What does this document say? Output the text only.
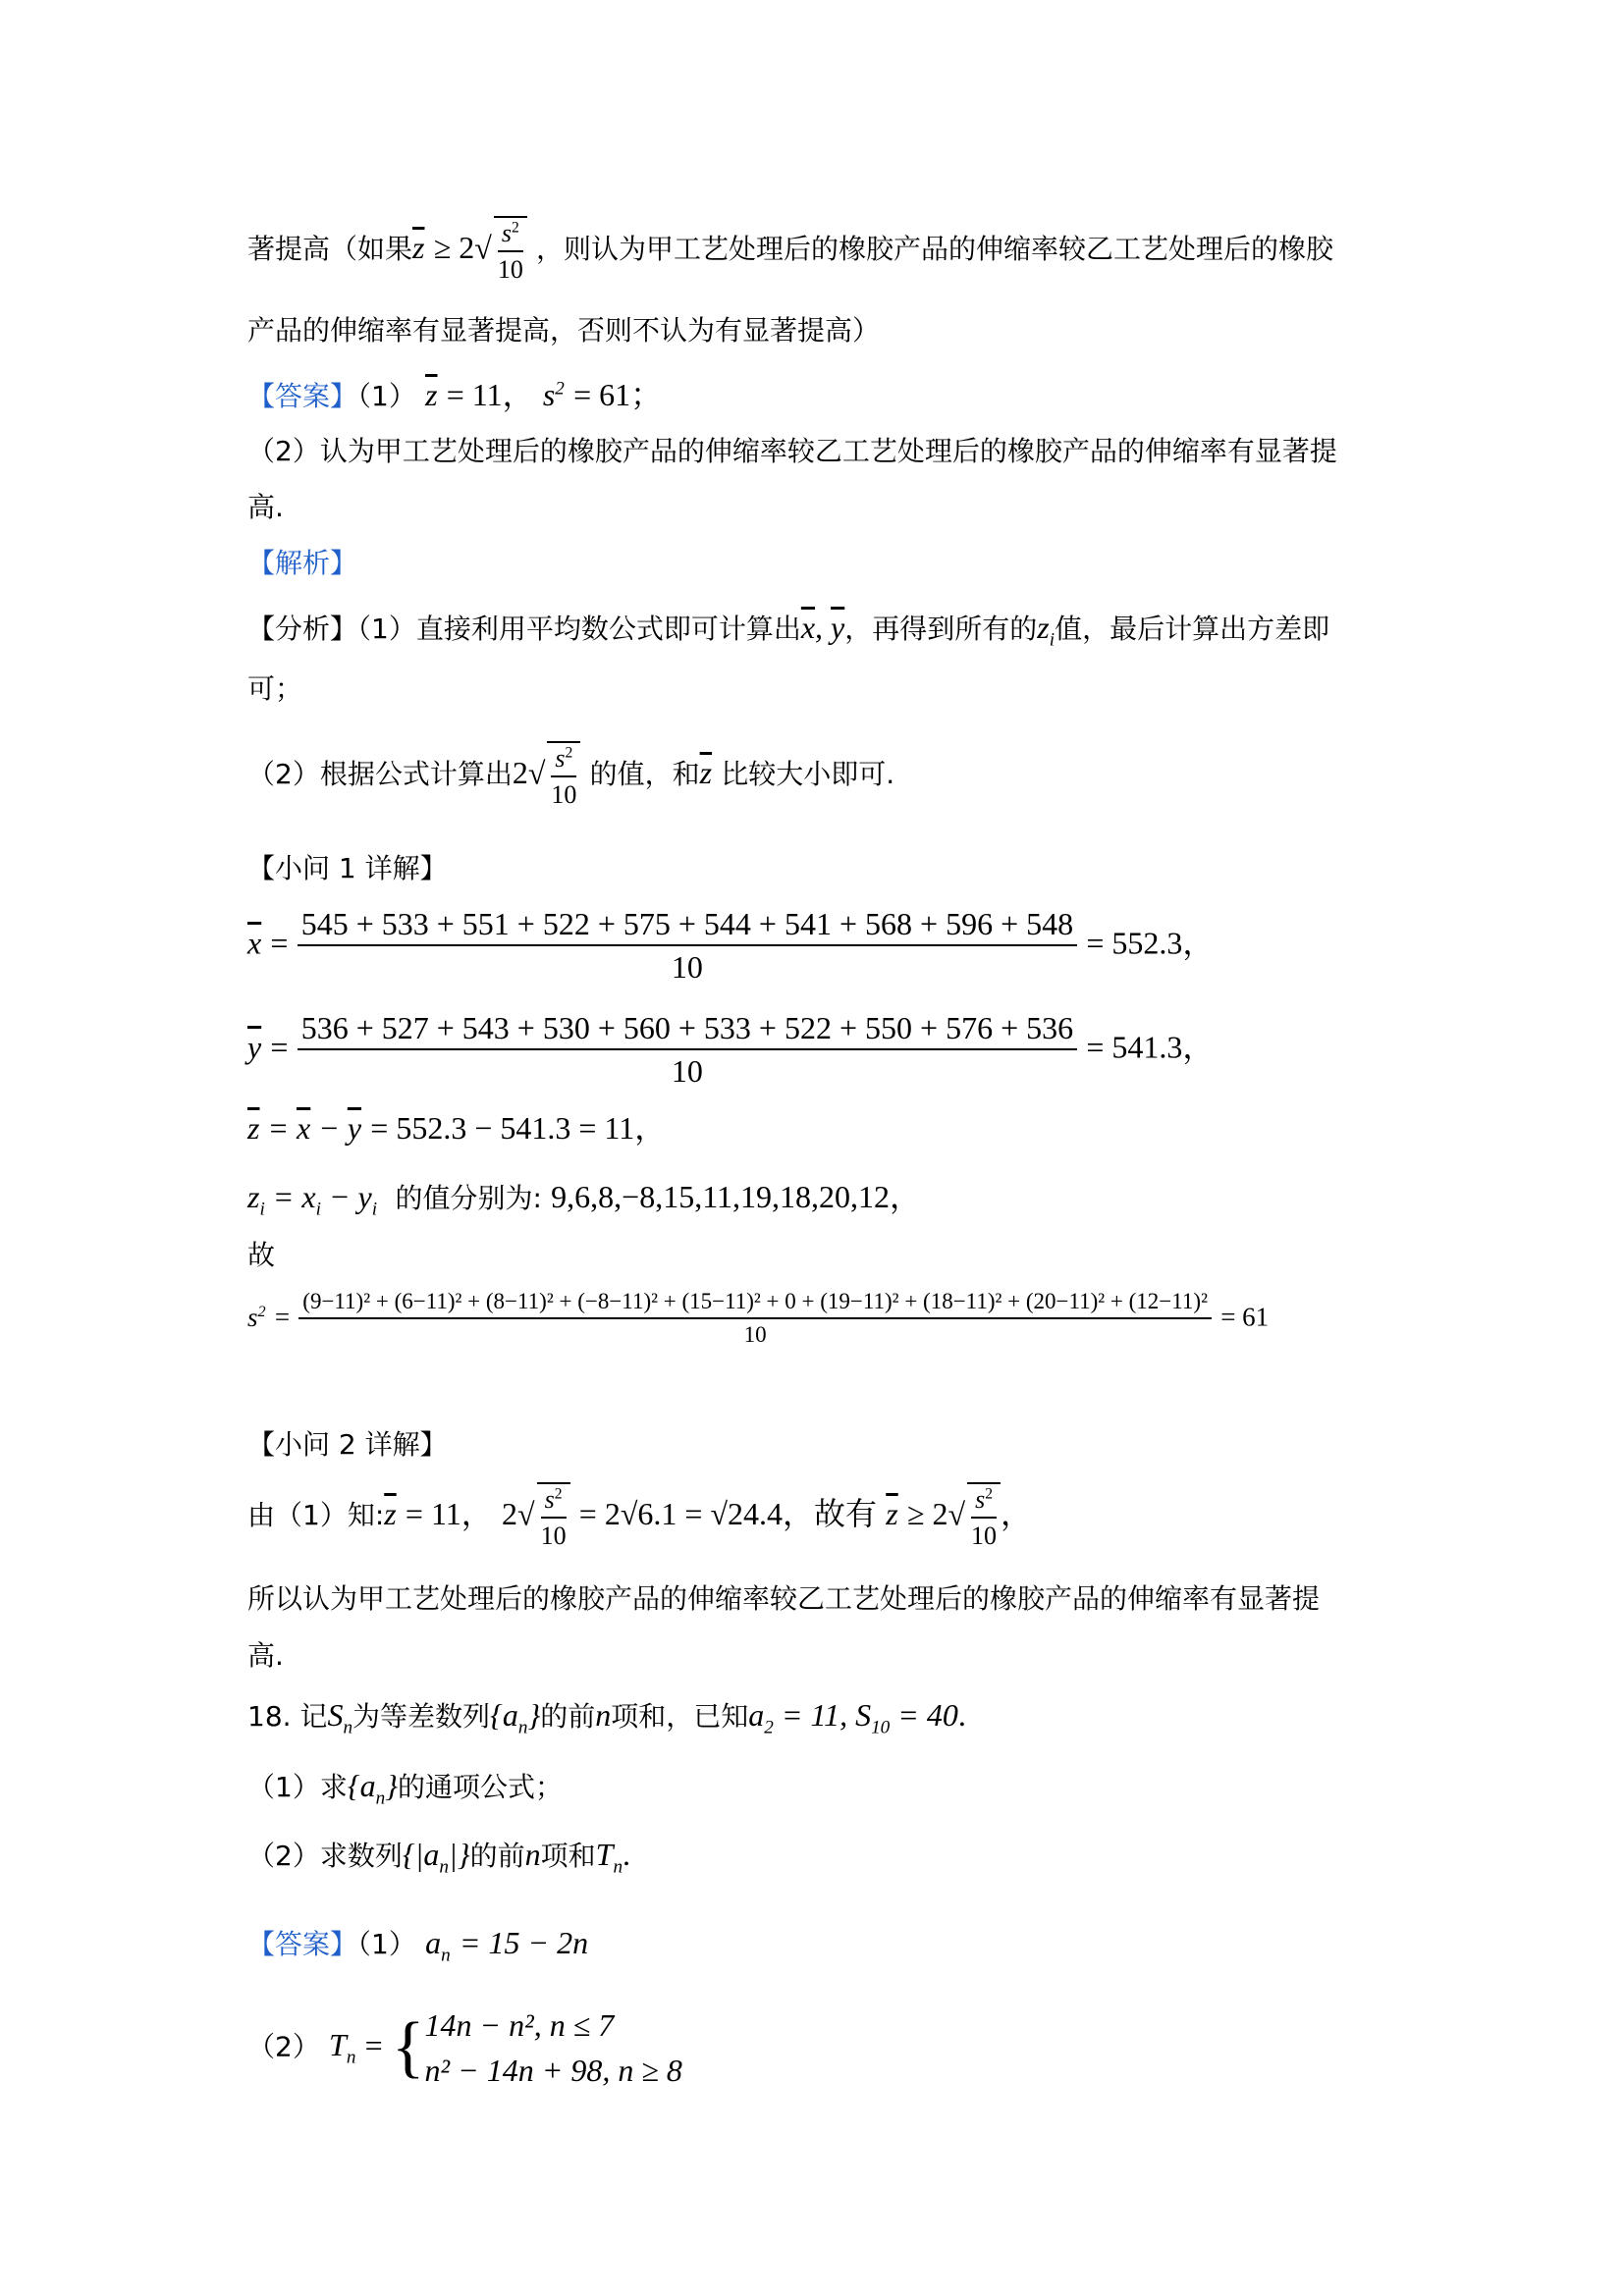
著提高（如果$\overline{z} \ge 2√ \frac{s^2}{10}$ ，则认为甲工艺处理后的橡胶产品的伸缩率较乙工艺处理后的橡胶
产品的伸缩率有显著提高，否则不认为有显著提高）
【答案】（1） $\overline{z} = 11$， $s^2 = 61$；
（2）认为甲工艺处理后的橡胶产品的伸缩率较乙工艺处理后的橡胶产品的伸缩率有显著提
高.
【解析】
【分析】（1）直接利用平均数公式即可计算出$\overline{x}$, $\overline{y}$，再得到所有的$z_i$值，最后计算出方差即
可；
（2）根据公式计算出$2√ \frac{s^2}{10}$ 的值，和$\overline{z}$ 比较大小即可.
【小问 1 详解】
$\overline{x} = \frac{545 + 533 + 551 + 522 + 575 + 544 + 541 + 568 + 596 + 548}{10} = 552.3$，
$\overline{y} = \frac{536 + 527 + 543 + 530 + 560 + 533 + 522 + 550 + 576 + 536}{10} = 541.3$，
$\overline{z} = \overline{x} - \overline{y} = 552.3 - 541.3 = 11$，
$z_i = x_i - y_i$ 的值分别为: 9,6,8,−8,15,11,19,18,20,12，
故
$s^2$ =
(9−11)² + (6−11)² + (8−11)² + (−8−11)² + (15−11)² + 0 + (19−11)² + (18−11)² + (20−11)² + (12−11)²
10
= 61
【小问 2 详解】
由（1）知$:\overline{z} = 11$， $2√ \frac{s^2}{10} = 2√6.1 = √24.4$，故有 $\overline{z} \ge 2√ \frac{s^2}{10}$ ，
所以认为甲工艺处理后的橡胶产品的伸缩率较乙工艺处理后的橡胶产品的伸缩率有显著提
高.
18. 记$S_n$为等差数列$\{a_n\}$的前n项和，已知$a_2 = 11$, $S_{10} = 40$.
（1）求$\{a_n\}$的通项公式；
（2）求数列$\{|a_n|\}$的前n项和$T_n$.
【答案】（1） $a_n = 15 - 2n$
（2） $T_n$ = { 14n − n², n ≤ 7
n² − 14n + 98, n ≥ 8
